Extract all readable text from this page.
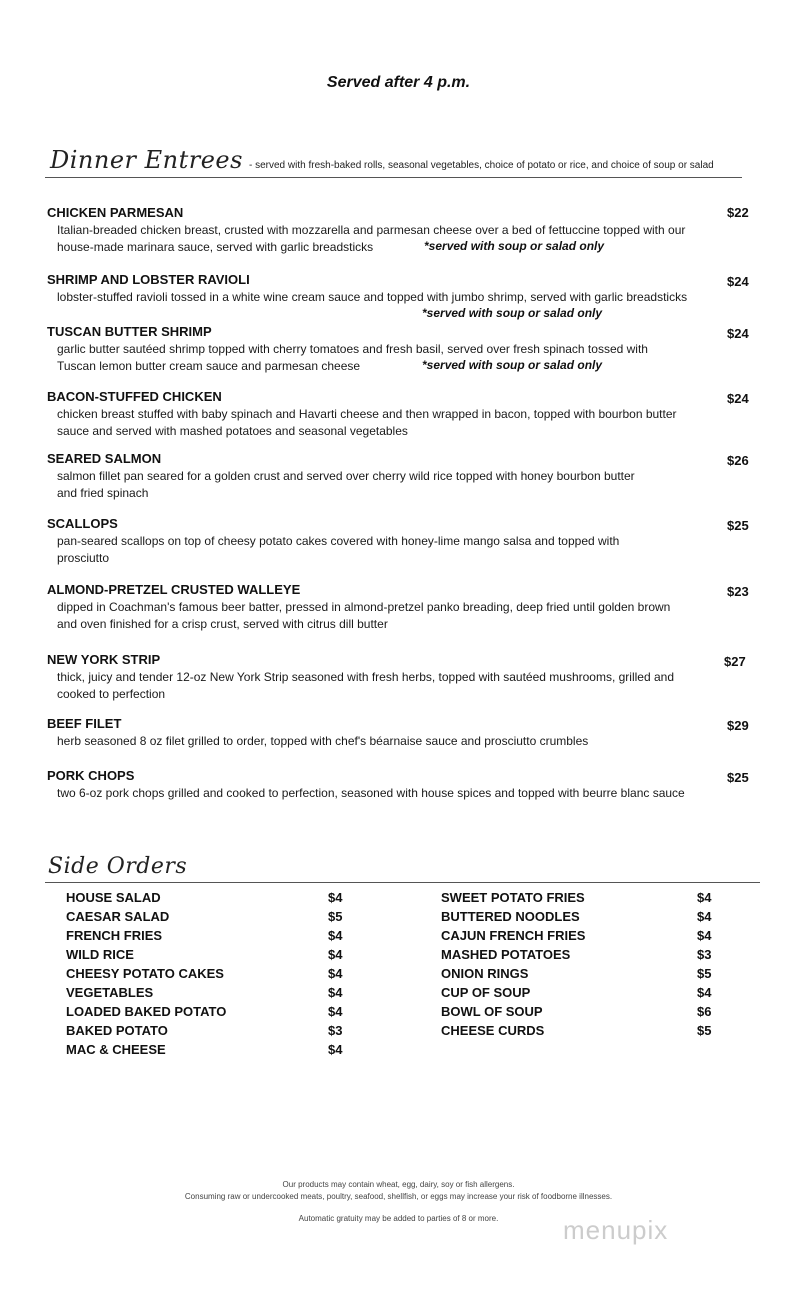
Served after 4 p.m.
Dinner Entrees - served with fresh-baked rolls, seasonal vegetables, choice of potato or rice, and choice of soup or salad
CHICKEN PARMESAN	$22
Italian-breaded chicken breast, crusted with mozzarella and parmesan cheese over a bed of fettuccine topped with our
house-made marinara sauce, served with garlic breadsticks	*served with soup or salad only
SHRIMP AND LOBSTER RAVIOLI	$24
lobster-stuffed ravioli tossed in a white wine cream sauce and topped with jumbo shrimp, served with garlic breadsticks
*served with soup or salad only
TUSCAN BUTTER SHRIMP	$24
garlic butter sautéed shrimp topped with cherry tomatoes and fresh basil, served over fresh spinach tossed with
Tuscan lemon butter cream sauce and parmesan cheese	*served with soup or salad only
BACON-STUFFED CHICKEN	$24
chicken breast stuffed with baby spinach and Havarti cheese and then wrapped in bacon, topped with bourbon butter
sauce and served with mashed potatoes and seasonal vegetables
SEARED SALMON	$26
salmon fillet pan seared for a golden crust and served over cherry wild rice topped with honey bourbon butter
and fried spinach
SCALLOPS	$25
pan-seared scallops on top of cheesy potato cakes covered with honey-lime mango salsa and topped with
prosciutto
ALMOND-PRETZEL CRUSTED WALLEYE	$23
dipped in Coachman's famous beer batter, pressed in almond-pretzel panko breading, deep fried until golden brown
and oven finished for a crisp crust, served with citrus dill butter
NEW YORK STRIP	$27
thick, juicy and tender 12-oz New York Strip seasoned with fresh herbs, topped with sautéed mushrooms, grilled and
cooked to perfection
BEEF FILET	$29
herb seasoned 8 oz filet grilled to order, topped with chef's béarnaise sauce and prosciutto crumbles
PORK CHOPS	$25
two 6-oz pork chops grilled and cooked to perfection, seasoned with house spices and topped with beurre blanc sauce
Side Orders
HOUSE SALAD	$4
CAESAR SALAD	$5
FRENCH FRIES	$4
WILD RICE	$4
CHEESY POTATO CAKES	$4
VEGETABLES	$4
LOADED BAKED POTATO	$4
BAKED POTATO	$3
MAC & CHEESE	$4
SWEET POTATO FRIES	$4
BUTTERED NOODLES	$4
CAJUN FRENCH FRIES	$4
MASHED POTATOES	$3
ONION RINGS	$5
CUP OF SOUP	$4
BOWL OF SOUP	$6
CHEESE CURDS	$5
Our products may contain wheat, egg, dairy, soy or fish allergens.
Consuming raw or undercooked meats, poultry, seafood, shellfish, or eggs may increase your risk of foodborne illnesses.
Automatic gratuity may be added to parties of 8 or more.	menupix
